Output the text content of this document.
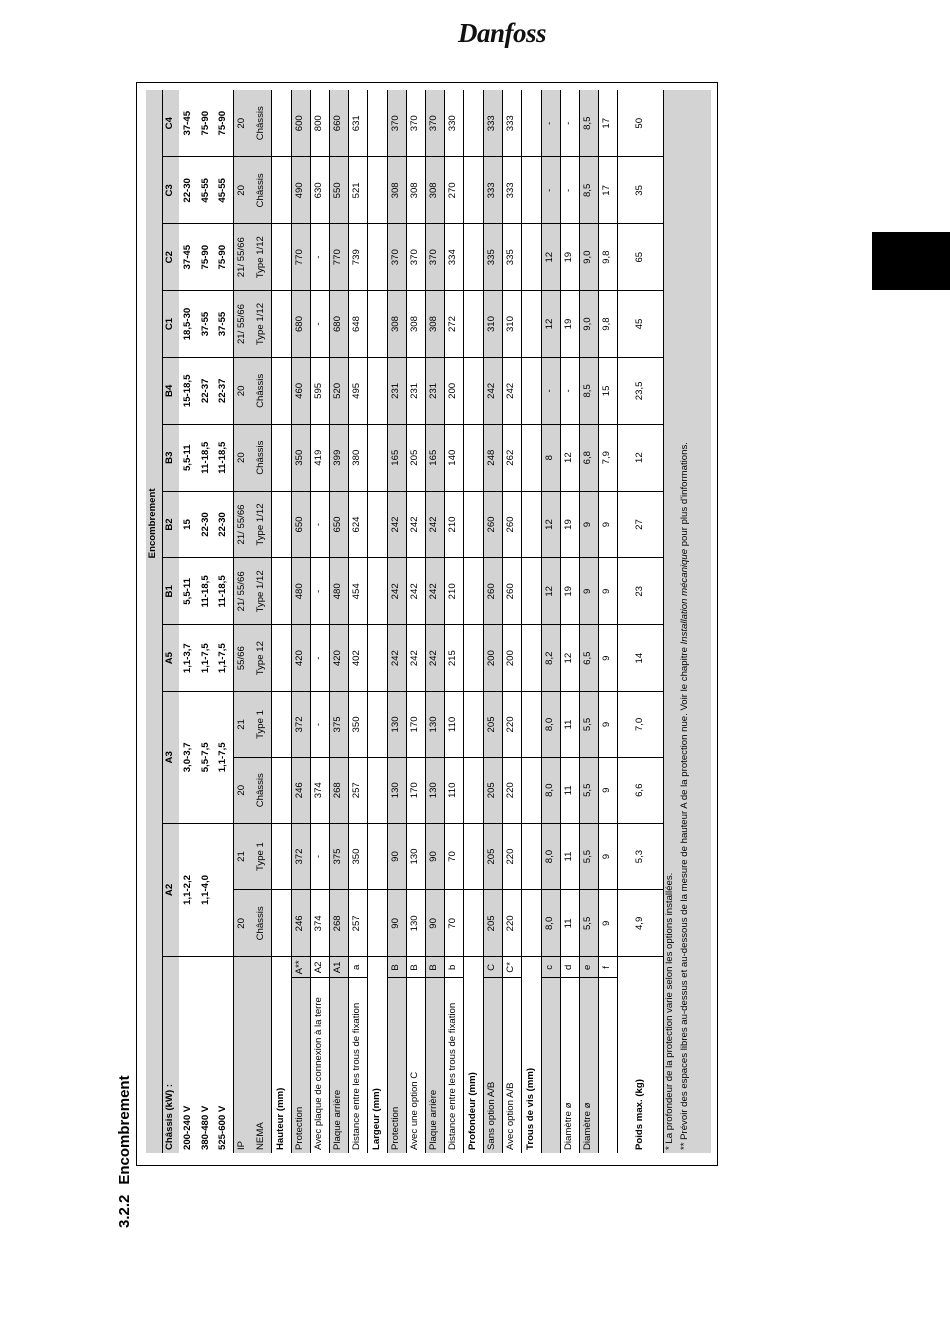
Danfoss
3.2.2Encombrement
		Encombrement												
Châssis (kW) :		A2		A3		A5	B1	B2	B3	B4	C1	C2	C3	C4
200-240 V		1,1-2,2		3,0-3,7		1,1-3,7	5,5-11	15	5,5-11	15-18,5	18,5-30	37-45	22-30	37-45
380-480 V		1,1-4,0		5,5-7,5		1,1-7,5	11-18,5	22-30	11-18,5	22-37	37-55	75-90	45-55	75-90
525-600 V				1,1-7,5		1,1-7,5	11-18,5	22-30	11-18,5	22-37	37-55	75-90	45-55	75-90
IP		20	21	20	21	55/66	21/ 55/66	21/ 55/66	20	20	21/ 55/66	21/ 55/66	20	20
NEMA		Châssis	Type 1	Châssis	Type 1	Type 12	Type 1/12	Type 1/12	Châssis	Châssis	Type 1/12	Type 1/12	Châssis	Châssis
Hauteur (mm)														
Protection	A**	246	372	246	372	420	480	650	350	460	680	770	490	600
Avec plaque de connexion à la terre	A2	374	-	374	-	-	-	-	419	595	-	-	630	800
Plaque arrière	A1	268	375	268	375	420	480	650	399	520	680	770	550	660
Distance entre les trous de fixation	a	257	350	257	350	402	454	624	380	495	648	739	521	631
Largeur (mm)														
Protection	B	90	90	130	130	242	242	242	165	231	308	370	308	370
Avec une option C	B	130	130	170	170	242	242	242	205	231	308	370	308	370
Plaque arrière	B	90	90	130	130	242	242	242	165	231	308	370	308	370
Distance entre les trous de fixation	b	70	70	110	110	215	210	210	140	200	272	334	270	330
Profondeur (mm)														
Sans option A/B	C	205	205	205	205	200	260	260	248	242	310	335	333	333
Avec option A/B	C*	220	220	220	220	200	260	260	262	242	310	335	333	333
Trous de vis (mm)														
	c	8,0	8,0	8,0	8,0	8,2	12	12	8	-	12	12	-	-
Diamètre ø	d	11	11	11	11	12	19	19	12	-	19	19	-	-
Diamètre ø	e	5,5	5,5	5,5	5,5	6,5	9	9	6,8	8,5	9,0	9,0	8,5	8,5
	f	9	9	9	9	9	9	9	7,9	15	9,8	9,8	17	17
Poids max. (kg)		4,9	5,3	6,6	7,0	14	23	27	12	23,5	45	65	35	50
* La profondeur de la protection varie selon les options installées.														
** Prévoir des espaces libres au-dessus et au-dessous de la mesure de hauteur A de la protection nue. Voir le chapitre Installation mécanique pour plus d'informations.														
